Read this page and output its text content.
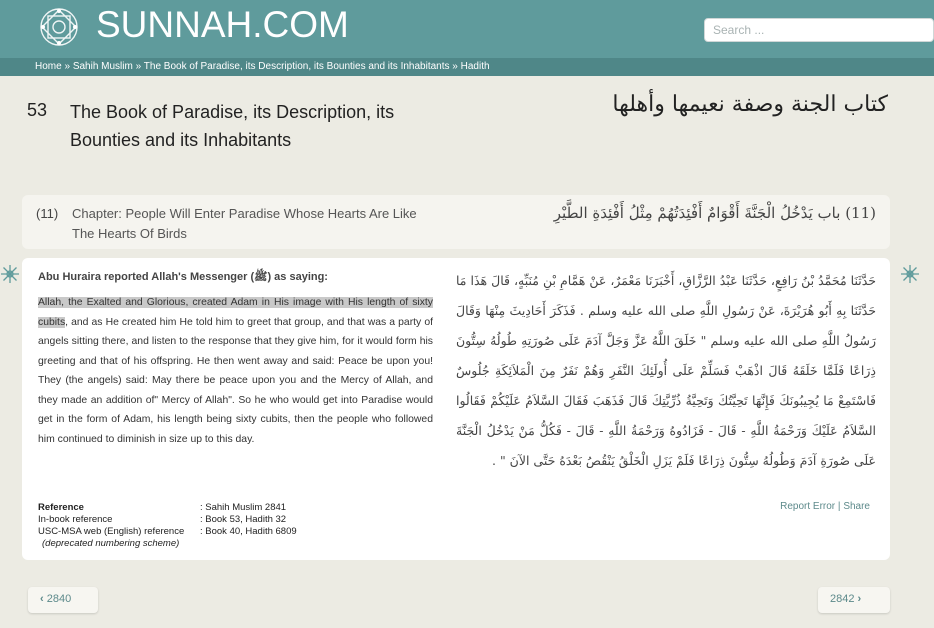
SUNNAH.COM
Search ...
Home » Sahih Muslim » The Book of Paradise, its Description, its Bounties and its Inhabitants » Hadith
53 The Book of Paradise, its Description, its Bounties and its Inhabitants
كتاب الجنة وصفة نعيمها وأهلها
(11) Chapter: People Will Enter Paradise Whose Hearts Are Like The Hearts Of Birds
(11) باب يَدْخُلُ الْجَنَّةَ أَقْوَامٌ أَفْئِدَتُهُمْ مِثْلُ أَفْئِدَةِ الطَّيْرِ
Abu Huraira reported Allah's Messenger (ﷺ) as saying:
Allah, the Exalted and Glorious, created Adam in His image with His length of sixty cubits, and as He created him He told him to greet that group, and that was a party of angels sitting there, and listen to the response that they give him, for it would form his greeting and that of his offspring. He then went away and said: Peace be upon you! They (the angels) said: May there be peace upon you and the Mercy of Allah, and they made an addition of" Mercy of Allah". So he who would get into Paradise would get in the form of Adam, his length being sixty cubits, then the people who followed him continued to diminish in size up to this day.
حَدَّثَنَا مُحَمَّدُ بْنُ رَافِعٍ، حَدَّثَنَا عَبْدُ الرَّزَّاقِ، أَخْبَرَنَا مَعْمَرٌ، عَنْ هَمَّامِ بْنِ مُنَبِّهٍ، قَالَ هَذَا مَا حَدَّثَنَا بِهِ أَبُو هُرَيْرَةَ، عَنْ رَسُولِ اللَّهِ صلى الله عليه وسلم ‏.‏ فَذَكَرَ أَحَادِيثَ مِنْهَا وَقَالَ رَسُولُ اللَّهِ صلى الله عليه وسلم ‏"‏ خَلَقَ اللَّهُ عَزَّ وَجَلَّ آدَمَ عَلَى صُورَتِهِ طُولُهُ سِتُّونَ ذِرَاعًا فَلَمَّا خَلَقَهُ قَالَ اذْهَبْ فَسَلِّمْ عَلَى أُولَئِكَ النَّفَرِ وَهُمْ نَفَرٌ مِنَ الْمَلاَئِكَةِ جُلُوسٌ فَاسْتَمِعْ مَا يُجِيبُونَكَ فَإِنَّهَا تَحِيَّتُكَ وَتَحِيَّةُ ذُرِّيَّتِكَ قَالَ فَذَهَبَ فَقَالَ السَّلاَمُ عَلَيْكُمْ فَقَالُوا السَّلاَمُ عَلَيْكَ وَرَحْمَةُ اللَّهِ - قَالَ - فَزَادُوهُ وَرَحْمَةُ اللَّهِ - قَالَ - فَكُلُّ مَنْ يَدْخُلُ الْجَنَّةَ عَلَى صُورَةِ آدَمَ وَطُولُهُ سِتُّونَ ذِرَاعًا فَلَمْ يَزَلِ الْخَلْقُ يَنْقُصُ بَعْدَهُ حَتَّى الآنَ ‏"‏ ‏.‏
Report Error | Share
Reference	: Sahih Muslim 2841
In-book reference	: Book 53, Hadith 32
USC-MSA web (English) reference	: Book 40, Hadith 6809
(deprecated numbering scheme)	
‹ 2840	2842 ›
